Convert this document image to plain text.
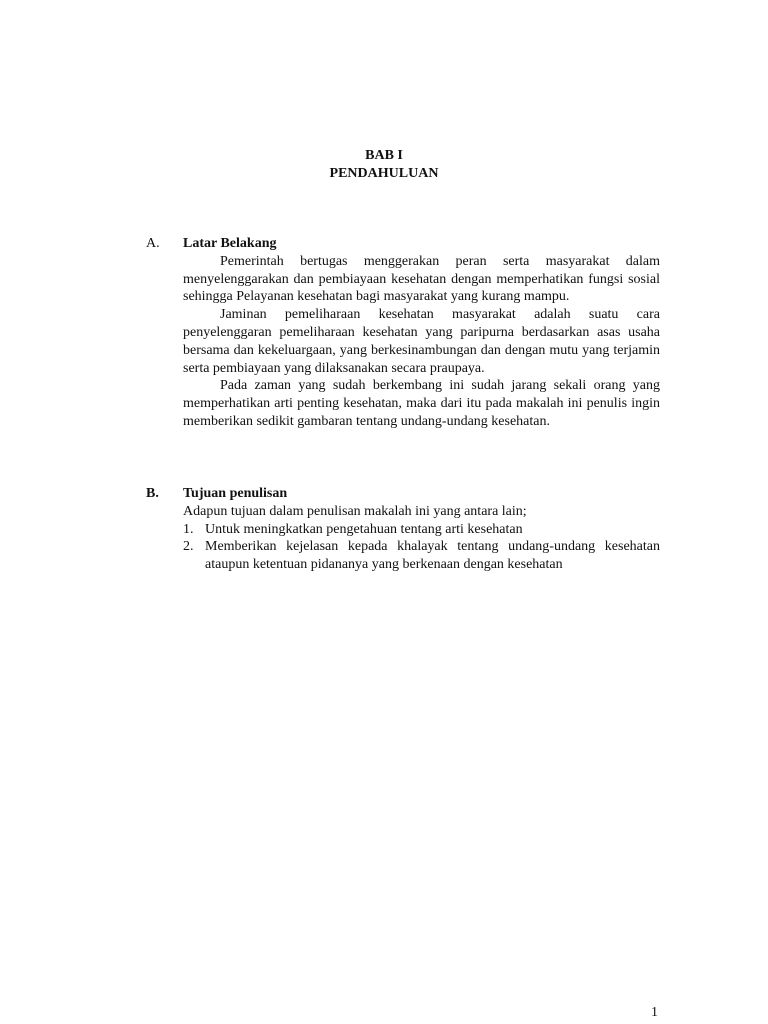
BAB I
PENDAHULUAN
A. Latar Belakang

Pemerintah bertugas menggerakan peran serta masyarakat dalam menyelenggarakan dan pembiayaan kesehatan dengan memperhatikan fungsi sosial sehingga Pelayanan kesehatan bagi masyarakat yang kurang mampu.

Jaminan pemeliharaan kesehatan masyarakat adalah suatu cara penyelenggaran pemeliharaan kesehatan yang paripurna berdasarkan asas usaha bersama dan kekeluargaan, yang berkesinambungan dan dengan mutu yang terjamin serta pembiayaan yang dilaksanakan secara praupaya.

Pada zaman yang sudah berkembang ini sudah jarang sekali orang yang memperhatikan arti penting kesehatan, maka dari itu pada makalah ini penulis ingin memberikan sedikit gambaran tentang undang-undang kesehatan.

B. Tujuan penulisan

Adapun tujuan dalam penulisan makalah ini yang antara lain;

1. Untuk meningkatkan pengetahuan tentang arti kesehatan
2. Memberikan kejelasan kepada khalayak tentang undang-undang kesehatan ataupun ketentuan pidananya yang berkenaan dengan kesehatan
1
